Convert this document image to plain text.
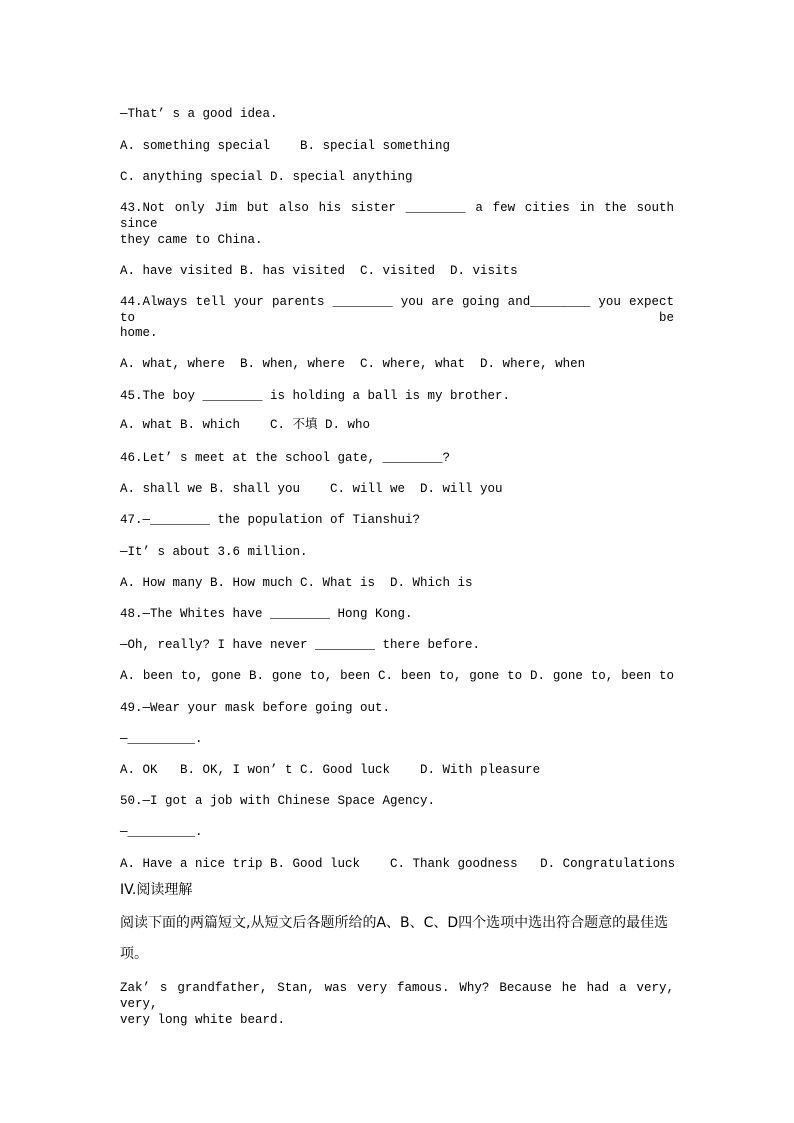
—That’ s a good idea.
A. something special    B. special something
C. anything special D. special anything
43.Not only Jim but also his sister ________ a few cities in the south since
they came to China.
A. have visited B. has visited  C. visited  D. visits
44.Always tell your parents ________ you are going and________ you expect to be
home.
A. what, where  B. when, where  C. where, what  D. where, when
45.The boy ________ is holding a ball is my brother.
A. what B. which    C. 不填 D. who
46.Let’ s meet at the school gate, ________?
A. shall we B. shall you    C. will we  D. will you
47.—________ the population of Tianshui?
—It’ s about 3.6 million.
A. How many B. How much C. What is  D. Which is
48.—The Whites have ________ Hong Kong.
—Oh, really? I have never ________ there before.
A. been to, gone B. gone to, been C. been to, gone to D. gone to, been to
49.—Wear your mask before going out.
—_________.
A. OK   B. OK, I won’ t C. Good luck    D. With pleasure
50.—I got a job with Chinese Space Agency.
—_________.
A. Have a nice trip B. Good luck    C. Thank goodness   D. Congratulations
IV.阅读理解
阅读下面的两篇短文,从短文后各题所给的A、B、C、D四个选项中选出符合题意的最佳选
项。
Zak’ s grandfather, Stan, was very famous. Why? Because he had a very, very,
very long white beard.
